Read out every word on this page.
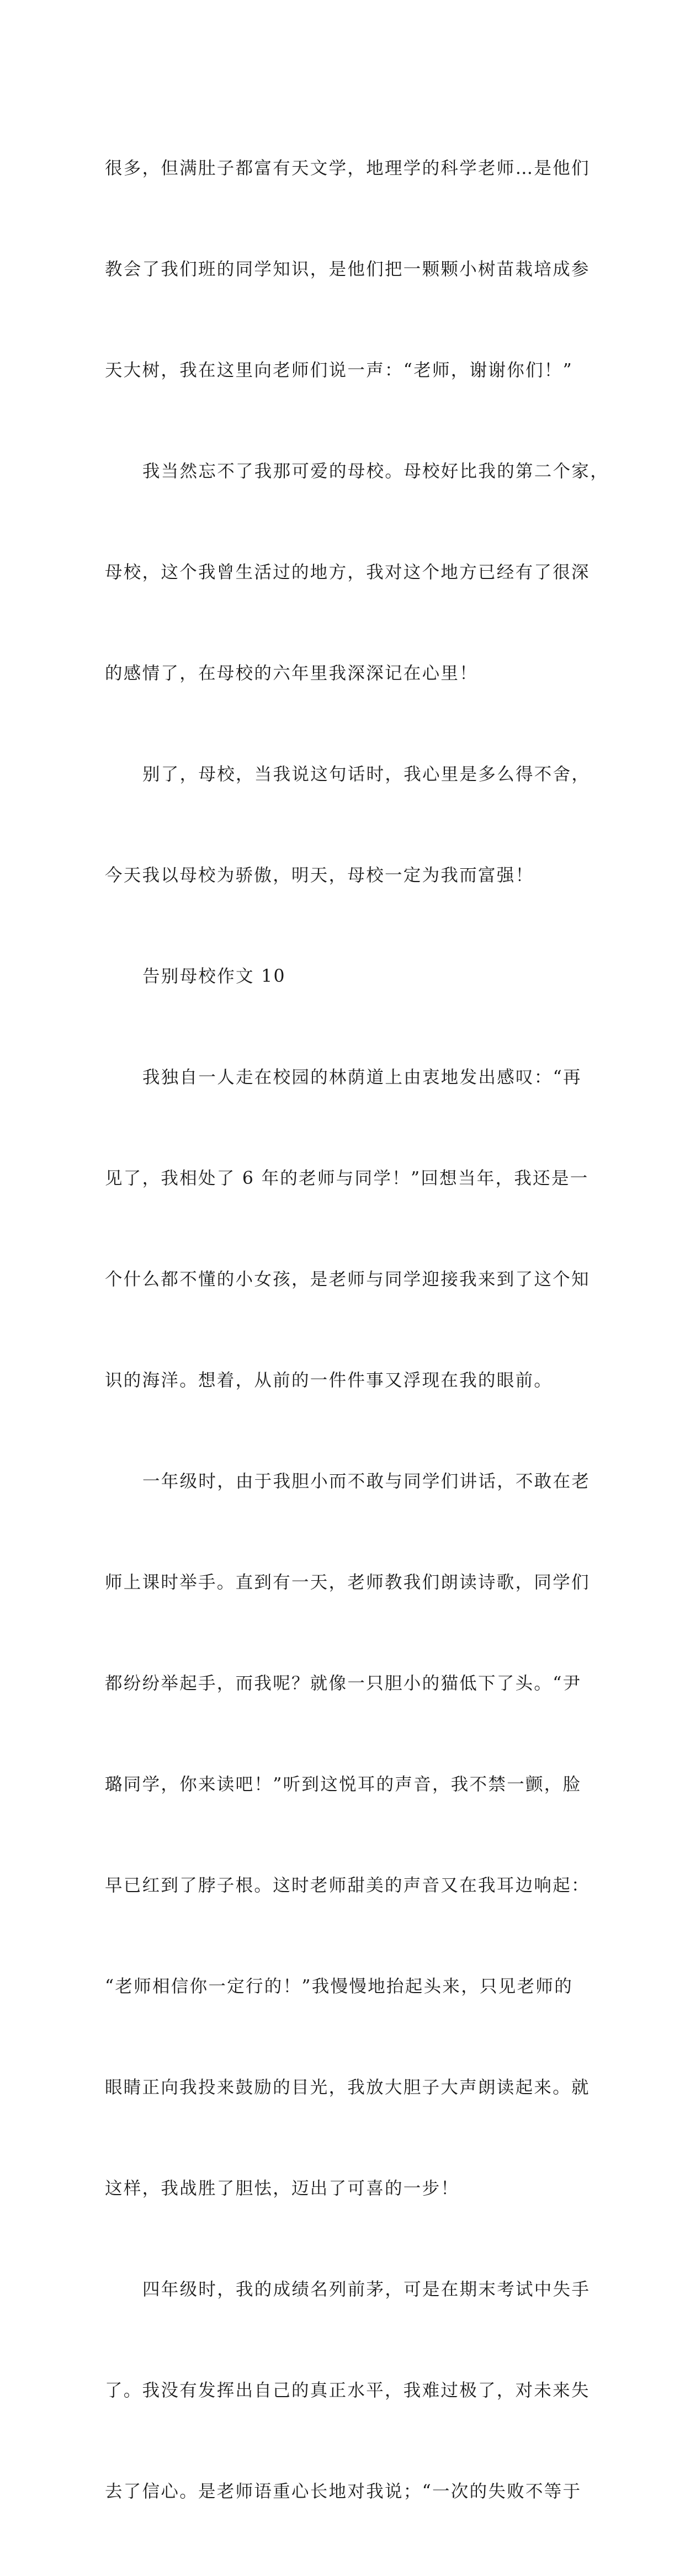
很多，但满肚子都富有天文学，地理学的科学老师…是他们

教会了我们班的同学知识，是他们把一颗颗小树苗栽培成参

天大树，我在这里向老师们说一声：“老师，谢谢你们！”

我当然忘不了我那可爱的母校。母校好比我的第二个家，

母校，这个我曾生活过的地方，我对这个地方已经有了很深

的感情了，在母校的六年里我深深记在心里！

别了，母校，当我说这句话时，我心里是多么得不舍，

今天我以母校为骄傲，明天，母校一定为我而富强！

告别母校作文 10

我独自一人走在校园的林荫道上由衷地发出感叹：“再

见了，我相处了 6 年的老师与同学！”回想当年，我还是一

个什么都不懂的小女孩，是老师与同学迎接我来到了这个知

识的海洋。想着，从前的一件件事又浮现在我的眼前。

一年级时，由于我胆小而不敢与同学们讲话，不敢在老

师上课时举手。直到有一天，老师教我们朗读诗歌，同学们

都纷纷举起手，而我呢？就像一只胆小的猫低下了头。“尹

璐同学，你来读吧！”听到这悦耳的声音，我不禁一颤，脸

早已红到了脖子根。这时老师甜美的声音又在我耳边响起：

“老师相信你一定行的！”我慢慢地抬起头来，只见老师的

眼睛正向我投来鼓励的目光，我放大胆子大声朗读起来。就

这样，我战胜了胆怯，迈出了可喜的一步！

四年级时，我的成绩名列前茅，可是在期末考试中失手

了。我没有发挥出自己的真正水平，我难过极了，对未来失

去了信心。是老师语重心长地对我说；“一次的失败不等于
